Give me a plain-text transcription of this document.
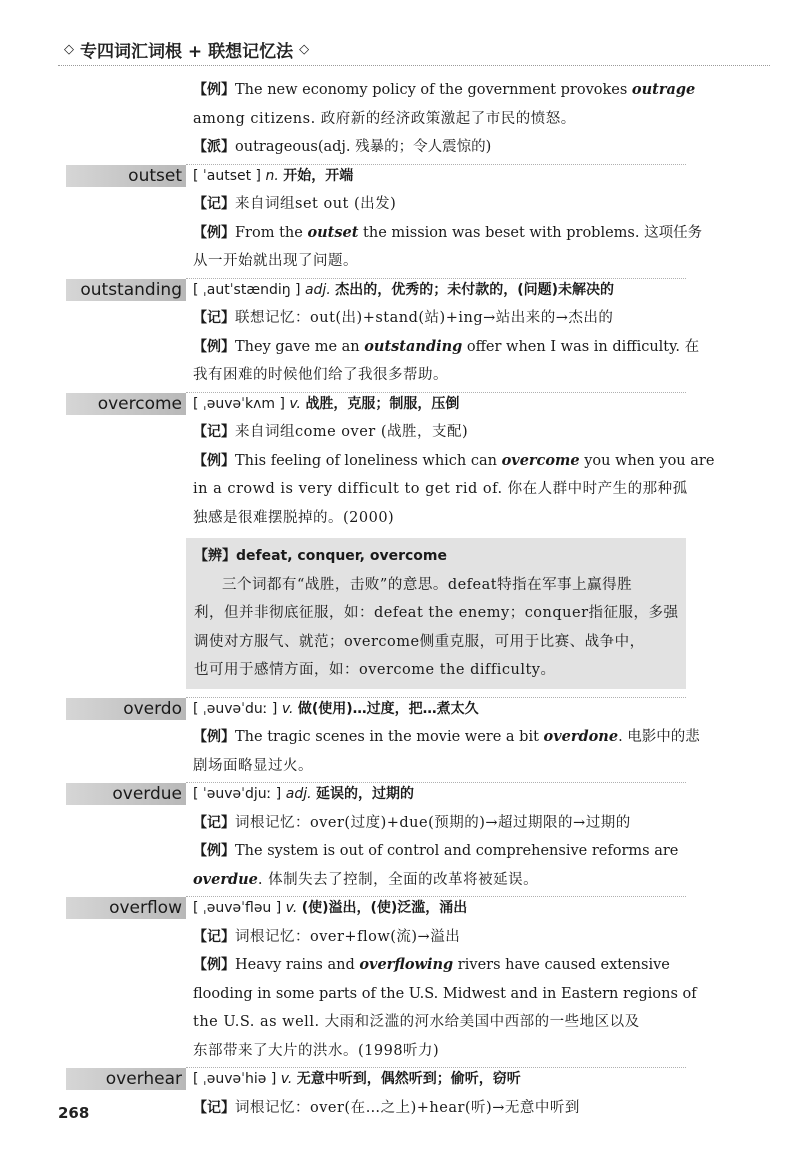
◇ 专四词汇词根 + 联想记忆法 ◇
【例】The new economy policy of the government provokes outrage
among citizens. 政府新的经济政策激起了市民的愤怒。
【派】outrageous(adj. 残暴的；令人震惊的)
outset [ ˈautset ] n. 开始，开端
【记】来自词组set out (出发)
【例】From the outset the mission was beset with problems. 这项任务
从一开始就出现了问题。
outstanding [ ˌautˈstændiŋ ] adj. 杰出的，优秀的；未付款的，(问题)未解决的
【记】联想记忆：out(出)+stand(站)+ing→站出来的→杰出的
【例】They gave me an outstanding offer when I was in difficulty. 在
我有困难的时候他们给了我很多帮助。
overcome [ ˌəuvəˈkʌm ] v. 战胜，克服；制服，压倒
【记】来自词组come over (战胜，支配)
【例】This feeling of loneliness which can overcome you when you are
in a crowd is very difficult to get rid of. 你在人群中时产生的那种孤
独感是很难摆脱掉的。(2000)
【辨】defeat, conquer, overcome
三个词都有“战胜，击败”的意思。defeat特指在军事上赢得胜
利，但并非彻底征服，如：defeat the enemy；conquer指征服，多强
调使对方服气、就范；overcome侧重克服，可用于比赛、战争中，
也可用于感情方面，如：overcome the difficulty。
overdo [ ˌəuvəˈduː ] v. 做(使用)…过度，把…煮太久
【例】The tragic scenes in the movie were a bit overdone. 电影中的悲
剧场面略显过火。
overdue [ ˈəuvəˈdjuː ] adj. 延误的，过期的
【记】词根记忆：over(过度)+due(预期的)→超过期限的→过期的
【例】The system is out of control and comprehensive reforms are
overdue. 体制失去了控制，全面的改革将被延误。
overflow [ ˌəuvəˈfləu ] v. (使)溢出，(使)泛滥，涌出
【记】词根记忆：over+flow(流)→溢出
【例】Heavy rains and overflowing rivers have caused extensive
flooding in some parts of the U.S. Midwest and in Eastern regions of
the U.S. as well. 大雨和泛滥的河水给美国中西部的一些地区以及
东部带来了大片的洪水。(1998听力)
overhear [ ˌəuvəˈhiə ] v. 无意中听到，偶然听到；偷听，窃听
【记】词根记忆：over(在…之上)+hear(听)→无意中听到
268
